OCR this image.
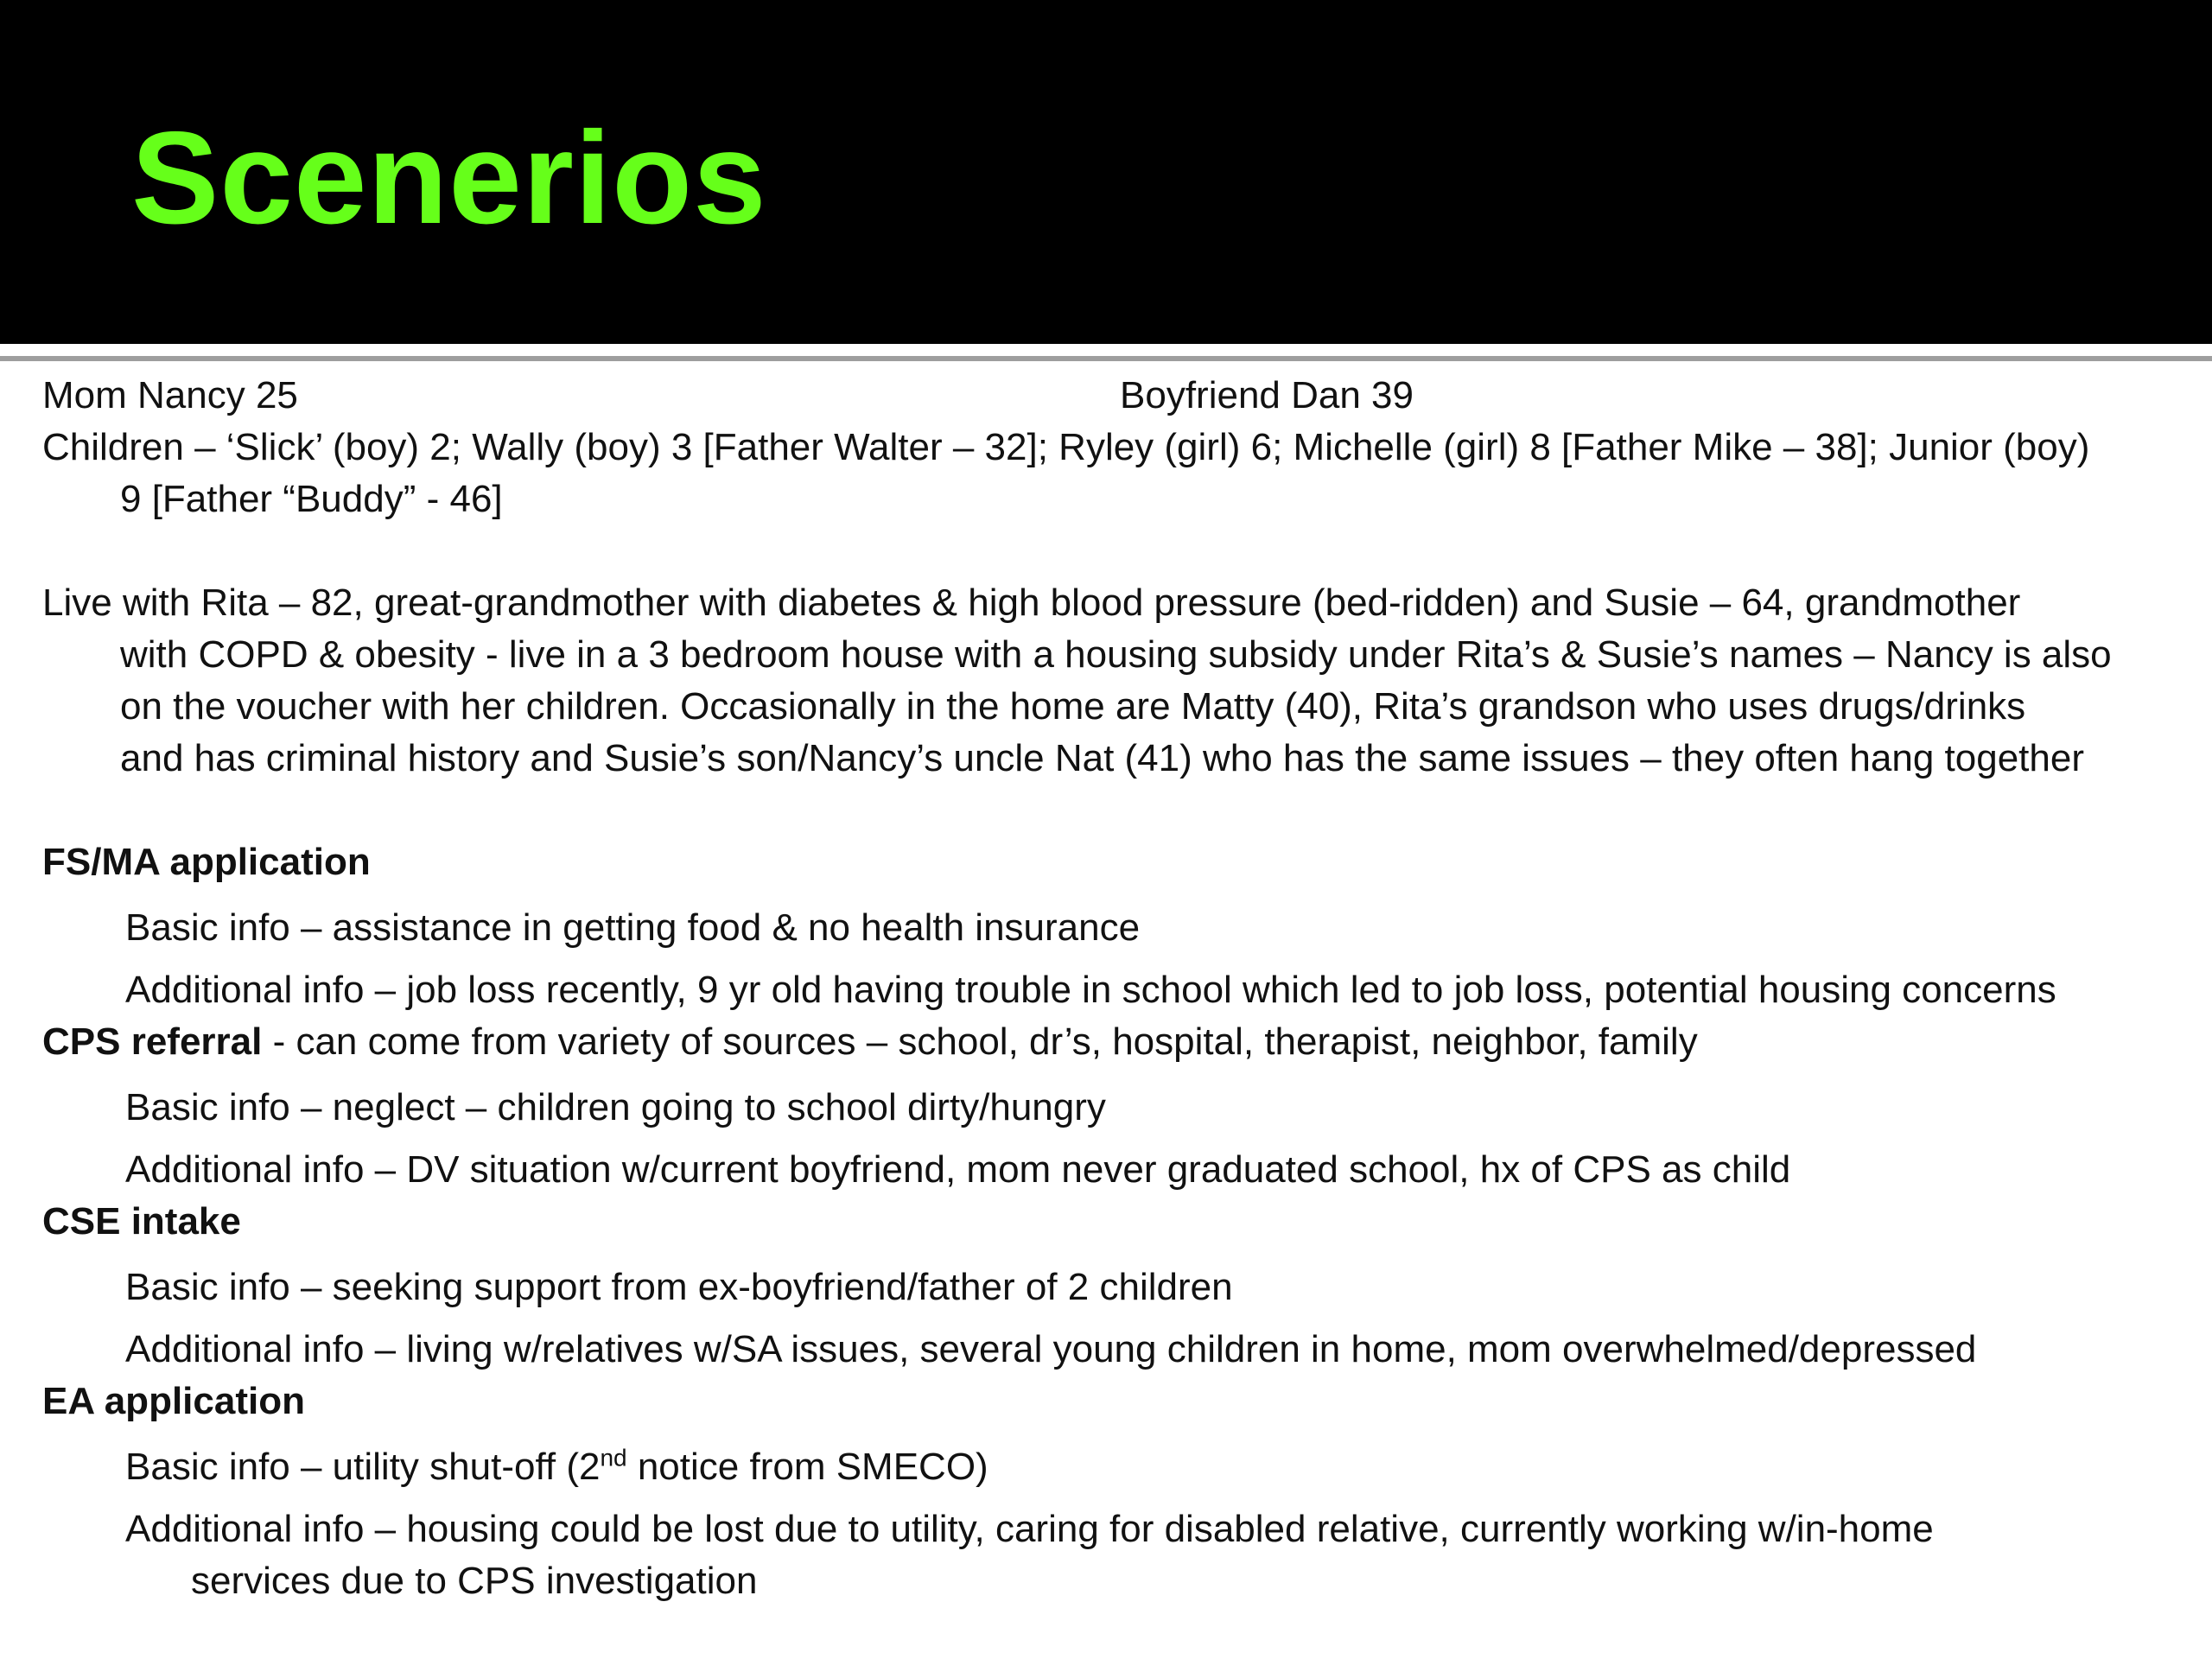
Scenerios
Mom Nancy 25	Boyfriend Dan 39
Children – ‘Slick’ (boy) 2; Wally (boy) 3 [Father Walter – 32]; Ryley (girl) 6; Michelle (girl) 8 [Father Mike – 38]; Junior (boy)
9 [Father “Buddy” - 46]
Live with Rita – 82, great-grandmother with diabetes & high blood pressure (bed-ridden) and Susie – 64, grandmother
with COPD & obesity - live in a 3 bedroom house with a housing subsidy under Rita’s & Susie’s names – Nancy is also
on the voucher with her children. Occasionally in the home are Matty (40), Rita’s grandson who uses drugs/drinks
and has criminal history and Susie’s son/Nancy’s uncle Nat (41) who has the same issues – they often hang together
FS/MA application
Basic info – assistance in getting food & no health insurance
Additional info – job loss recently, 9 yr old having trouble in school which led to job loss, potential housing concerns
CPS referral - can come from variety of sources – school, dr’s, hospital, therapist, neighbor, family
Basic info – neglect – children going to school dirty/hungry
Additional info – DV situation w/current boyfriend, mom never graduated school, hx of CPS as child
CSE intake
Basic info – seeking support from ex-boyfriend/father of 2 children
Additional info – living w/relatives w/SA issues, several young children in home, mom overwhelmed/depressed
EA application
Basic info – utility shut-off (2nd notice from SMECO)
Additional info – housing could be lost due to utility, caring for disabled relative, currently working w/in-home
services due to CPS investigation
